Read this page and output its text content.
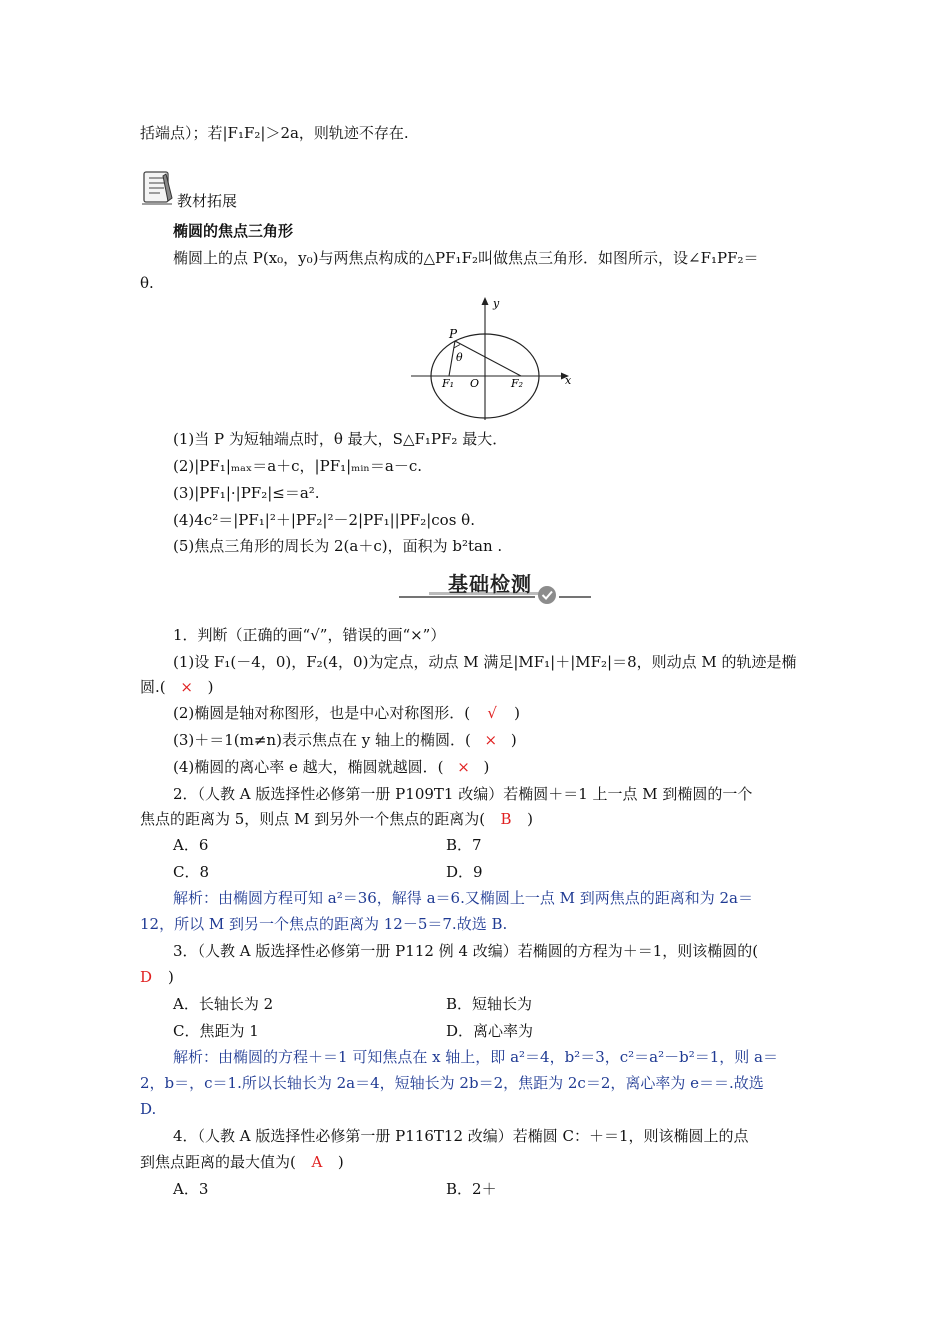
括端点）；若|F₁F₂|＞2a，则轨迹不存在.
教材拓展
椭圆的焦点三角形
椭圆上的点 P(x₀，y₀)与两焦点构成的△PF₁F₂叫做焦点三角形．如图所示，设∠F₁PF₂＝
θ.
y
x
P
θ
F₁ O	F₂
(1)当 P 为短轴端点时，θ 最大，S△F₁PF₂ 最大．
(2)|PF₁|ₘₐₓ＝a＋c，|PF₁|ₘᵢₙ＝a－c.
(3)|PF₁|·|PF₂|≤＝a².
(4)4c²＝|PF₁|²＋|PF₂|²－2|PF₁||PF₂|cos θ.
(5)焦点三角形的周长为 2(a＋c)，面积为 b²tan .
基础检测
1．判断（正确的画“√”，错误的画“×”）
(1)设 F₁(－4，0)，F₂(4，0)为定点，动点 M 满足|MF₁|＋|MF₂|＝8，则动点 M 的轨迹是椭
圆.( × )
(2)椭圆是轴对称图形，也是中心对称图形．( √ )
(3)＋＝1(m≠n)表示焦点在 y 轴上的椭圆．( × )
(4)椭圆的离心率 e 越大，椭圆就越圆．( × )
2．（人教 A 版选择性必修第一册 P109T1 改编）若椭圆＋＝1 上一点 M 到椭圆的一个
焦点的距离为 5，则点 M 到另外一个焦点的距离为( B )
A．6	B．7
C．8	D．9
解析：由椭圆方程可知 a²＝36，解得 a＝6.又椭圆上一点 M 到两焦点的距离和为 2a＝
12，所以 M 到另一个焦点的距离为 12－5＝7.故选 B.
3．（人教 A 版选择性必修第一册 P112 例 4 改编）若椭圆的方程为＋＝1，则该椭圆的(
D )
A．长轴长为 2	B．短轴长为
C．焦距为 1	D．离心率为
解析：由椭圆的方程＋＝1 可知焦点在 x 轴上，即 a²＝4，b²＝3，c²＝a²－b²＝1，则 a＝
2，b＝，c＝1.所以长轴长为 2a＝4，短轴长为 2b＝2，焦距为 2c＝2，离心率为 e＝＝.故选
D.
4．（人教 A 版选择性必修第一册 P116T12 改编）若椭圆 C：＋＝1，则该椭圆上的点
到焦点距离的最大值为( A )
A．3	B．2＋
